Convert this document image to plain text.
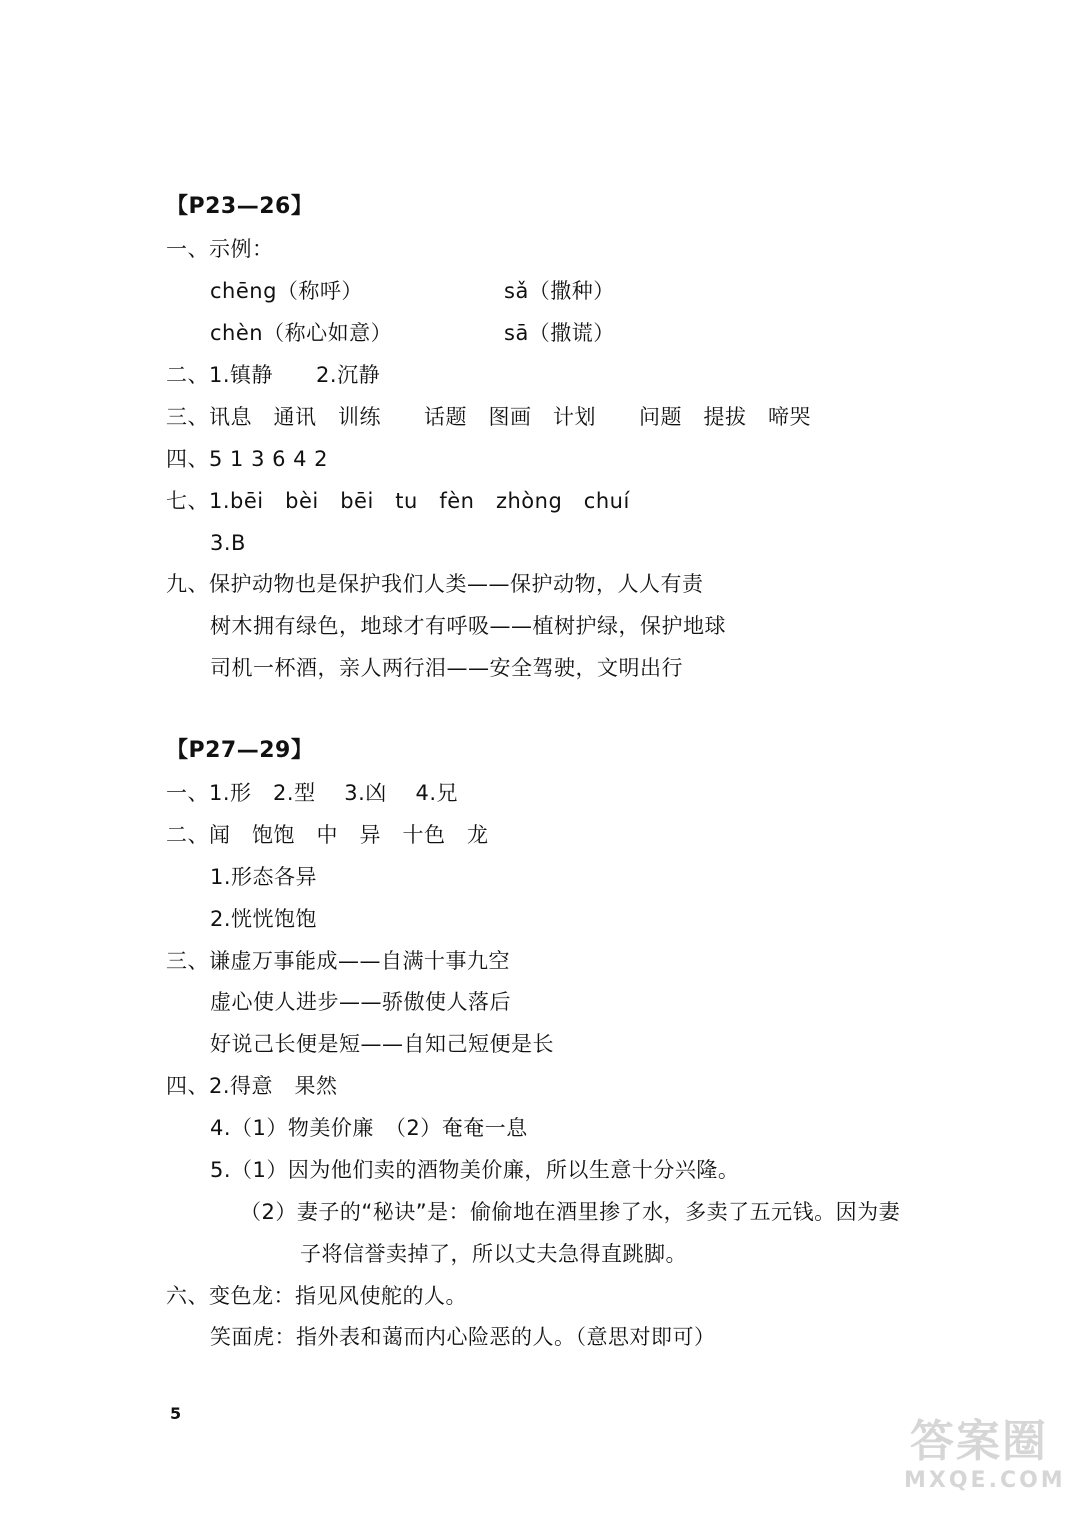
【P23—26】
一、示例：
chēng（称呼）	sǎ（撒种）
chèn（称心如意）	sā（撒谎）
二、1.镇静　　2.沉静
三、讯息　通讯　训练　　话题　图画　计划　　问题　提拔　啼哭
四、5 1 3 6 4 2
七、1.bēi　bèi　bēi　tu　fèn　zhòng　chuí
3.B
九、保护动物也是保护我们人类——保护动物，人人有责
树木拥有绿色，地球才有呼吸——植树护绿，保护地球
司机一杯酒，亲人两行泪——安全驾驶，文明出行
【P27—29】
一、1.形　2.型　 3.凶　 4.兄
二、闻　饱饱　中　异　十色　龙
1.形态各异
2.恍恍饱饱
三、谦虚万事能成——自满十事九空
虚心使人进步——骄傲使人落后
好说己长便是短——自知己短便是长
四、2.得意　果然
4.（1）物美价廉　（2）奄奄一息
5.（1）因为他们卖的酒物美价廉，所以生意十分兴隆。
（2）妻子的“秘诀”是：偷偷地在酒里掺了水，多卖了五元钱。因为妻
子将信誉卖掉了，所以丈夫急得直跳脚。
六、变色龙：指见风使舵的人。
笑面虎：指外表和蔼而内心险恶的人。（意思对即可）
5
答案圈
MXQE.COM
